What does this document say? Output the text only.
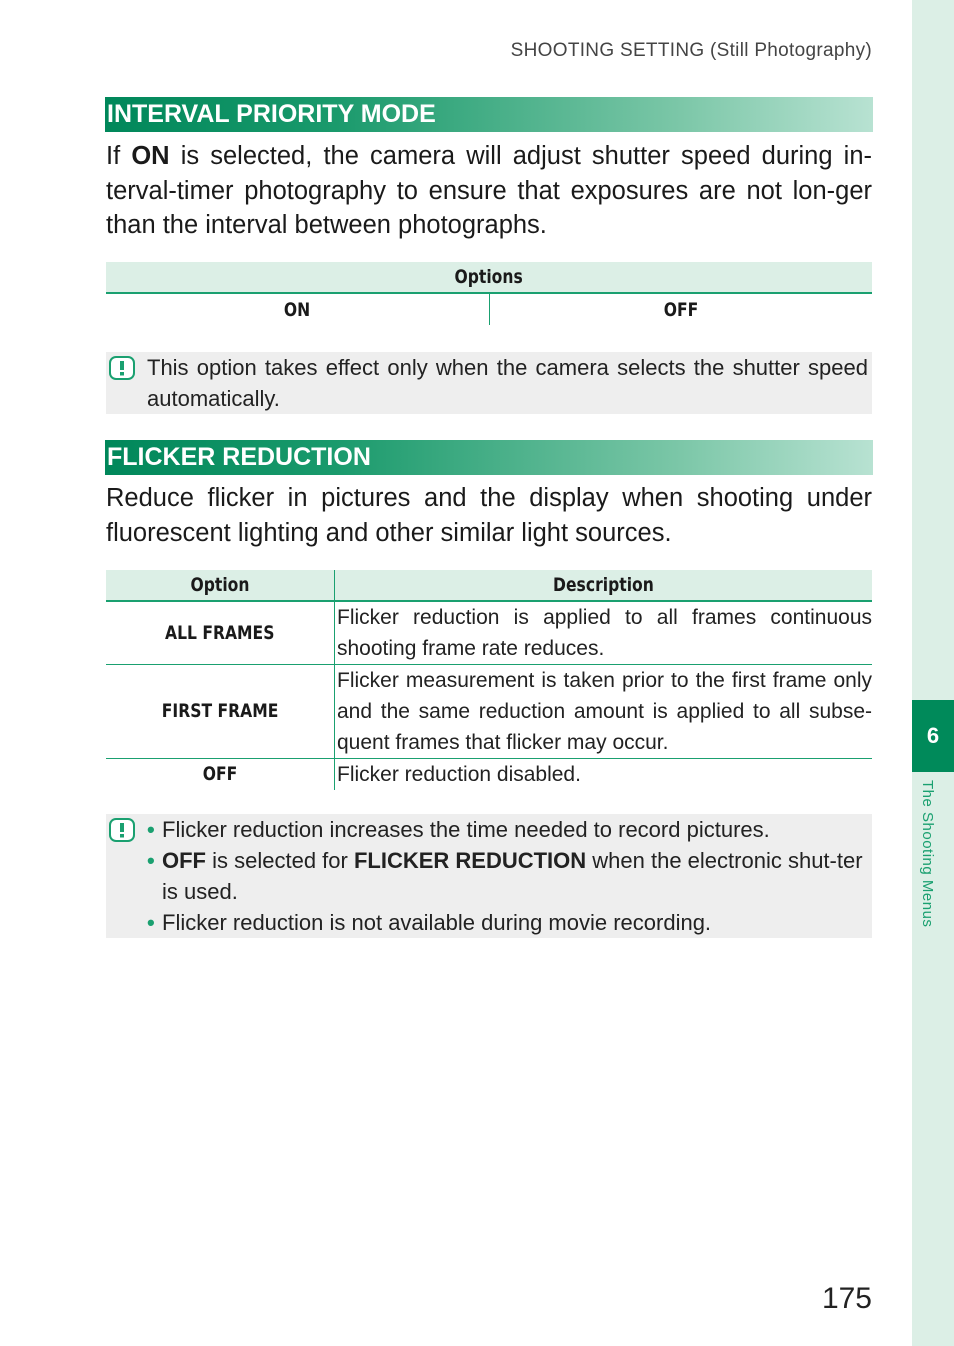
6
The Shooting Menus
SHOOTING SETTING (Still Photography)
INTERVAL PRIORITY MODE
If ON is selected, the camera will adjust shutter speed during in-terval-timer photography to ensure that exposures are not lon-ger than the interval between photographs.
Options
ON	OFF
This option takes effect only when the camera selects the shutter speed automatically.
FLICKER REDUCTION
Reduce flicker in pictures and the display when shooting under fluorescent lighting and other similar light sources.
Option	Description
ALL FRAMES	Flicker reduction is applied to all frames continuous shooting frame rate reduces.
FIRST FRAME	Flicker measurement is taken prior to the first frame only and the same reduction amount is applied to all subse-quent frames that flicker may occur.
OFF	Flicker reduction disabled.
• Flicker reduction increases the time needed to record pictures.
• OFF is selected for FLICKER REDUCTION when the electronic shut-ter is used.
• Flicker reduction is not available during movie recording.
175
